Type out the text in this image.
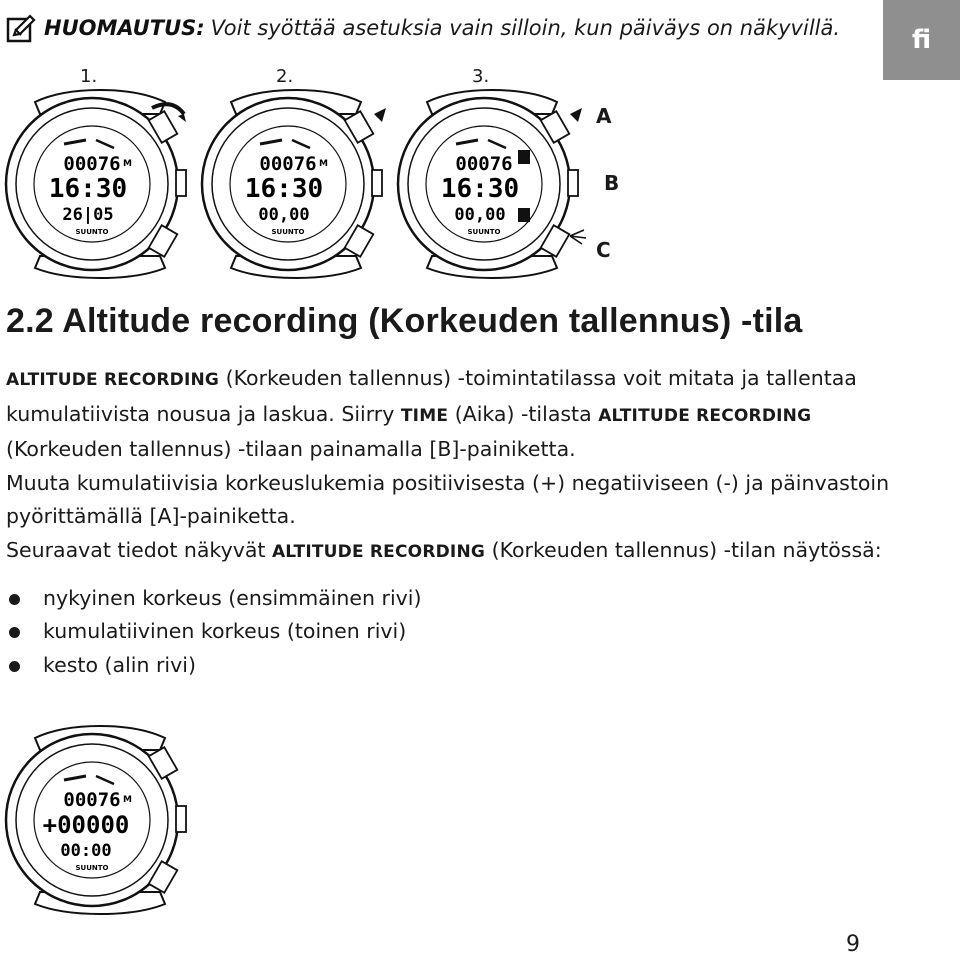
HUOMAUTUS: Voit syöttää asetuksia vain silloin, kun päiväys on näkyvillä.	fi
1.	2.	3.
A
B
C
00076 M
16:30
26|05
SUUNTO
00076 M
16:30
00,00
SUUNTO
00076
16:30
00,00
SUUNTO
2.2 Altitude recording (Korkeuden tallennus) -tila

ALTITUDE RECORDING (Korkeuden tallennus) -toimintatilassa voit mitata ja tallentaa kumulatiivista nousua ja laskua. Siirry TIME (Aika) -tilasta ALTITUDE RECORDING (Korkeuden tallennus) -tilaan painamalla [B]-painiketta.

Muuta kumulatiivisia korkeuslukemia positiivisesta (+) negatiiviseen (-) ja päinvastoin pyörittämällä [A]-painiketta.

Seuraavat tiedot näkyvät ALTITUDE RECORDING (Korkeuden tallennus) -tilan näytössä:

nykyinen korkeus (ensimmäinen rivi)
kumulatiivinen korkeus (toinen rivi)
kesto (alin rivi)
00076 M
+00000
00:00
SUUNTO
9
